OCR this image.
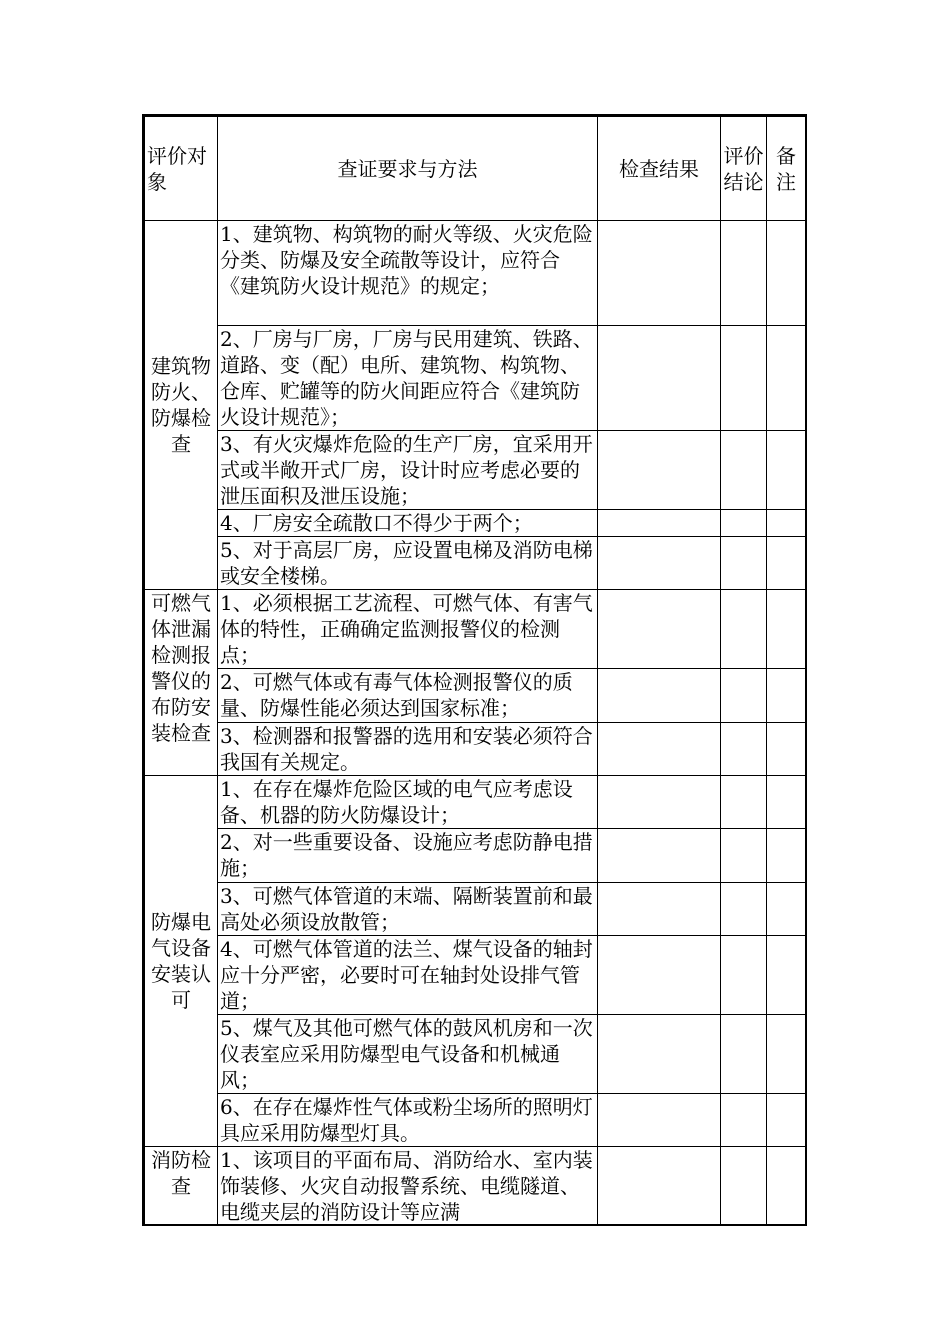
评价对象	查证要求与方法	检查结果	评价结论	备注
建筑物防火、防爆检查	1、建筑物、构筑物的耐火等级、火灾危险分类、防爆及安全疏散等设计，应符合《建筑防火设计规范》的规定；			
	2、厂房与厂房，厂房与民用建筑、铁路、道路、变（配）电所、建筑物、构筑物、仓库、贮罐等的防火间距应符合《建筑防火设计规范》；			
	3、有火灾爆炸危险的生产厂房，宜采用开式或半敞开式厂房，设计时应考虑必要的泄压面积及泄压设施；			
	4、厂房安全疏散口不得少于两个；			
	5、对于高层厂房，应设置电梯及消防电梯或安全楼梯。			
可燃气体泄漏检测报警仪的布防安装检查	1、必须根据工艺流程、可燃气体、有害气体的特性，正确确定监测报警仪的检测点；			
	2、可燃气体或有毒气体检测报警仪的质量、防爆性能必须达到国家标准；			
	3、检测器和报警器的选用和安装必须符合我国有关规定。			
防爆电气设备安装认可	1、在存在爆炸危险区域的电气应考虑设备、机器的防火防爆设计；			
	2、对一些重要设备、设施应考虑防静电措施；			
	3、可燃气体管道的末端、隔断装置前和最高处必须设放散管；			
	4、可燃气体管道的法兰、煤气设备的轴封应十分严密，必要时可在轴封处设排气管道；			
	5、煤气及其他可燃气体的鼓风机房和一次仪表室应采用防爆型电气设备和机械通风；			
	6、在存在爆炸性气体或粉尘场所的照明灯具应采用防爆型灯具。			
消防检查	1、该项目的平面布局、消防给水、室内装饰装修、火灾自动报警系统、电缆隧道、电缆夹层的消防设计等应满			
